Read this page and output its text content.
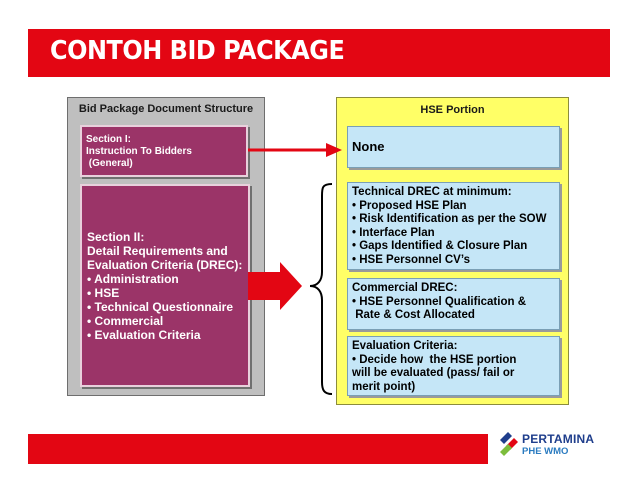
CONTOH BID PACKAGE
Bid Package Document Structure
Section I:
Instruction To Bidders
(General)
Section II:
Detail Requirements and
Evaluation Criteria (DREC):
• Administration
• HSE
• Technical Questionnaire
• Commercial
• Evaluation Criteria
HSE Portion
None
Technical DREC at minimum:
• Proposed HSE Plan
• Risk Identification as per the SOW
• Interface Plan
• Gaps Identified & Closure Plan
• HSE Personnel CV’s
Commercial DREC:
• HSE Personnel Qualification &
Rate & Cost Allocated
Evaluation Criteria:
• Decide how  the HSE portion
will be evaluated (pass/ fail or
merit point)
PERTAMINA
PHE WMO
